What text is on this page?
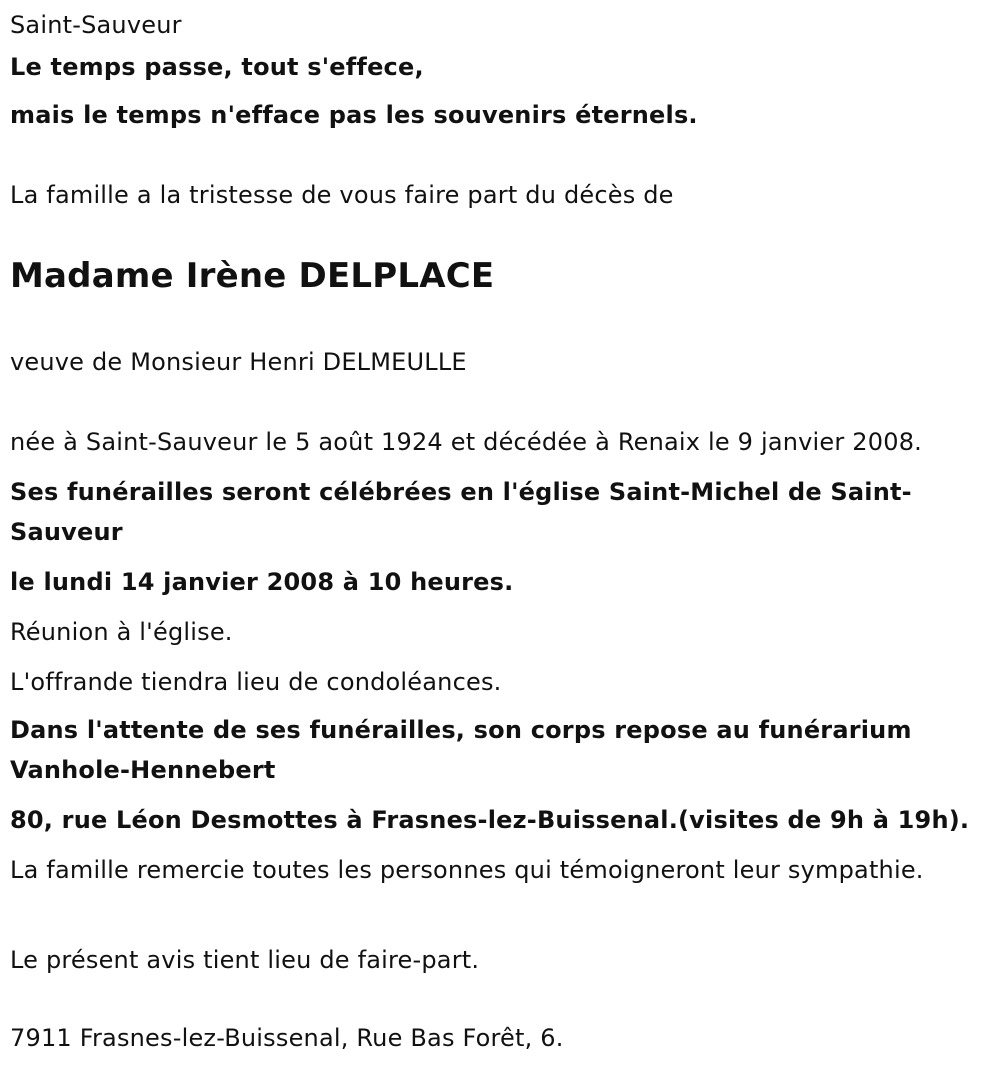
Saint-Sauveur

Le temps passe, tout s'effece,

mais le temps n'efface pas les souvenirs éternels.

La famille a la tristesse de vous faire part du décès de

Madame Irène DELPLACE

veuve de Monsieur Henri DELMEULLE

née à Saint-Sauveur le 5 août 1924 et décédée à Renaix le 9 janvier 2008.

Ses funérailles seront célébrées en l'église Saint-Michel de Saint-Sauveur

le lundi 14 janvier 2008 à 10 heures.

Réunion à l'église.

L'offrande tiendra lieu de condoléances.

Dans l'attente de ses funérailles, son corps repose au funérarium Vanhole-Hennebert

80, rue Léon Desmottes à Frasnes-lez-Buissenal.(visites de 9h à 19h).

La famille remercie toutes les personnes qui témoigneront leur sympathie.

Le présent avis tient lieu de faire-part.

7911 Frasnes-lez-Buissenal, Rue Bas Forêt, 6.
